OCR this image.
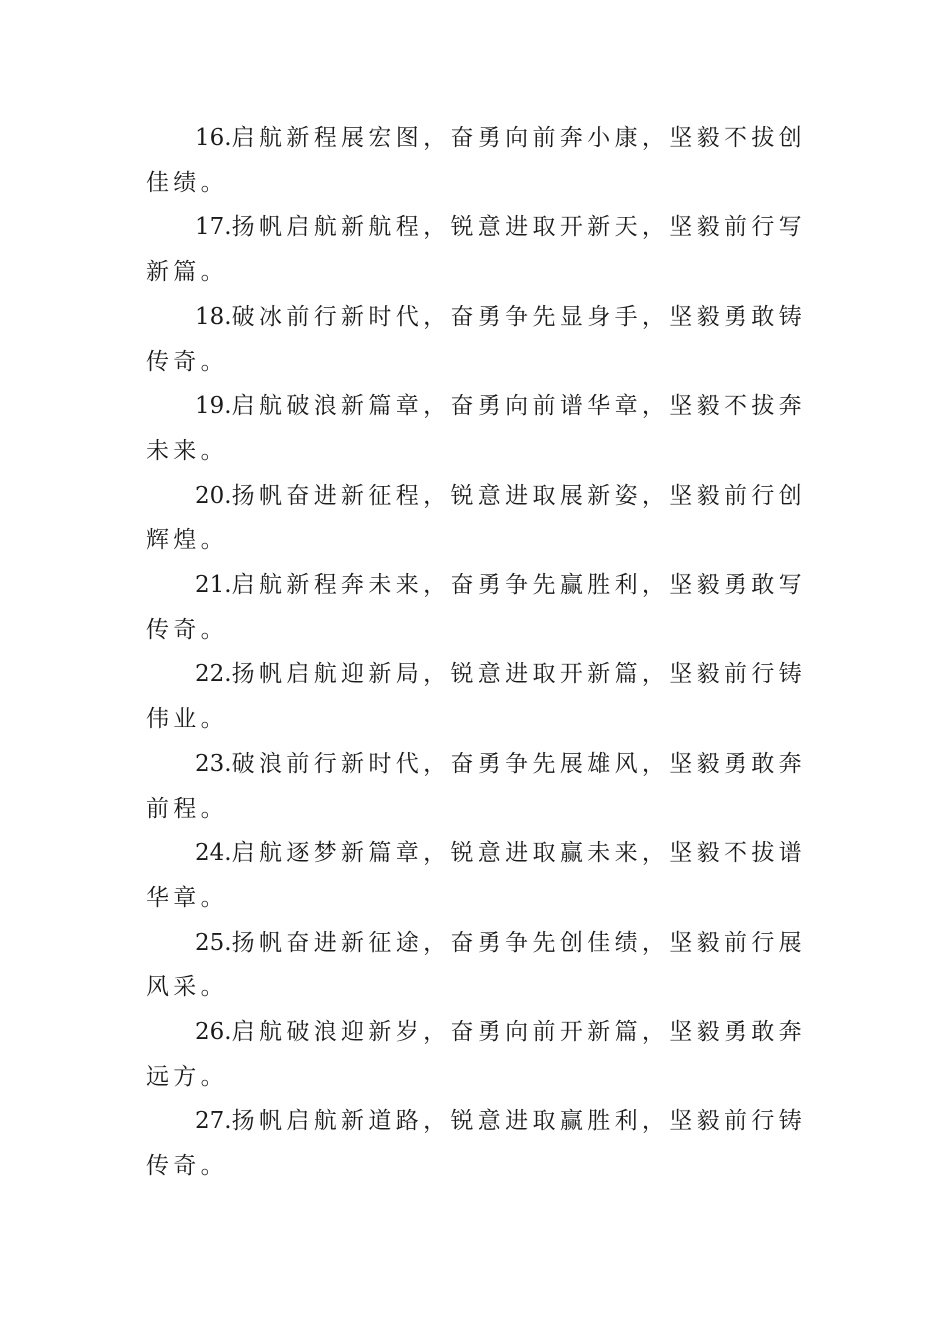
16.启航新程展宏图，奋勇向前奔小康，坚毅不拔创佳绩。

17.扬帆启航新航程，锐意进取开新天，坚毅前行写新篇。

18.破冰前行新时代，奋勇争先显身手，坚毅勇敢铸传奇。

19.启航破浪新篇章，奋勇向前谱华章，坚毅不拔奔未来。

20.扬帆奋进新征程，锐意进取展新姿，坚毅前行创辉煌。

21.启航新程奔未来，奋勇争先赢胜利，坚毅勇敢写传奇。

22.扬帆启航迎新局，锐意进取开新篇，坚毅前行铸伟业。

23.破浪前行新时代，奋勇争先展雄风，坚毅勇敢奔前程。

24.启航逐梦新篇章，锐意进取赢未来，坚毅不拔谱华章。

25.扬帆奋进新征途，奋勇争先创佳绩，坚毅前行展风采。

26.启航破浪迎新岁，奋勇向前开新篇，坚毅勇敢奔远方。

27.扬帆启航新道路，锐意进取赢胜利，坚毅前行铸传奇。
